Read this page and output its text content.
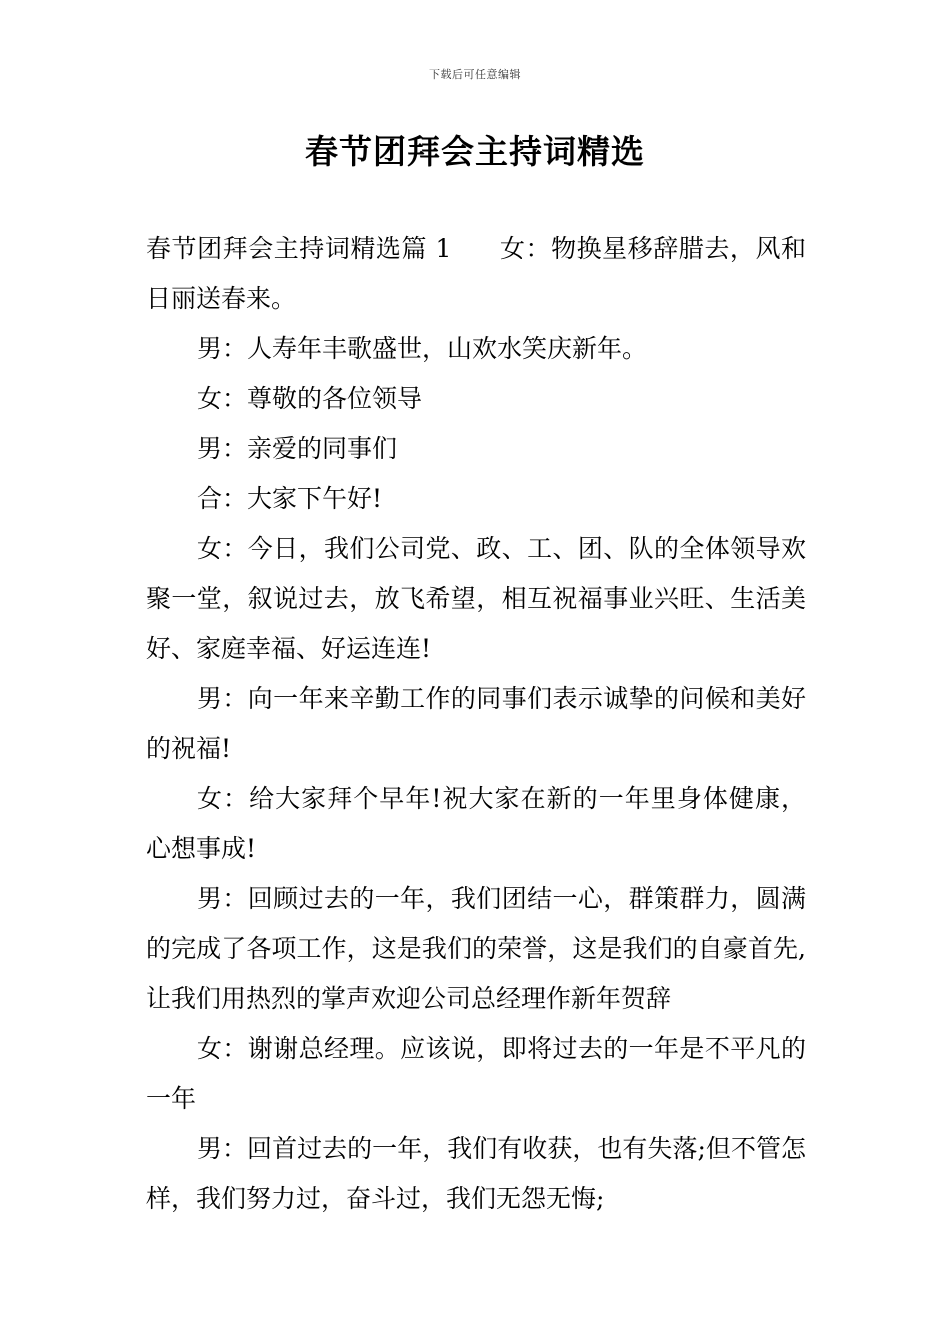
下载后可任意编辑
春节团拜会主持词精选

春节团拜会主持词精选篇 1 女：物换星移辞腊去，风和日丽送春来。

男：人寿年丰歌盛世，山欢水笑庆新年。

女：尊敬的各位领导

男：亲爱的同事们

合：大家下午好!

女：今日，我们公司党、政、工、团、队的全体领导欢聚一堂，叙说过去，放飞希望，相互祝福事业兴旺、生活美好、家庭幸福、好运连连!

男：向一年来辛勤工作的同事们表示诚挚的问候和美好的祝福!

女：给大家拜个早年!祝大家在新的一年里身体健康，心想事成!

男：回顾过去的一年，我们团结一心，群策群力，圆满的完成了各项工作，这是我们的荣誉，这是我们的自豪首先,让我们用热烈的掌声欢迎公司总经理作新年贺辞

女：谢谢总经理。应该说，即将过去的一年是不平凡的一年

男：回首过去的一年，我们有收获，也有失落;但不管怎样，我们努力过，奋斗过，我们无怨无悔;
